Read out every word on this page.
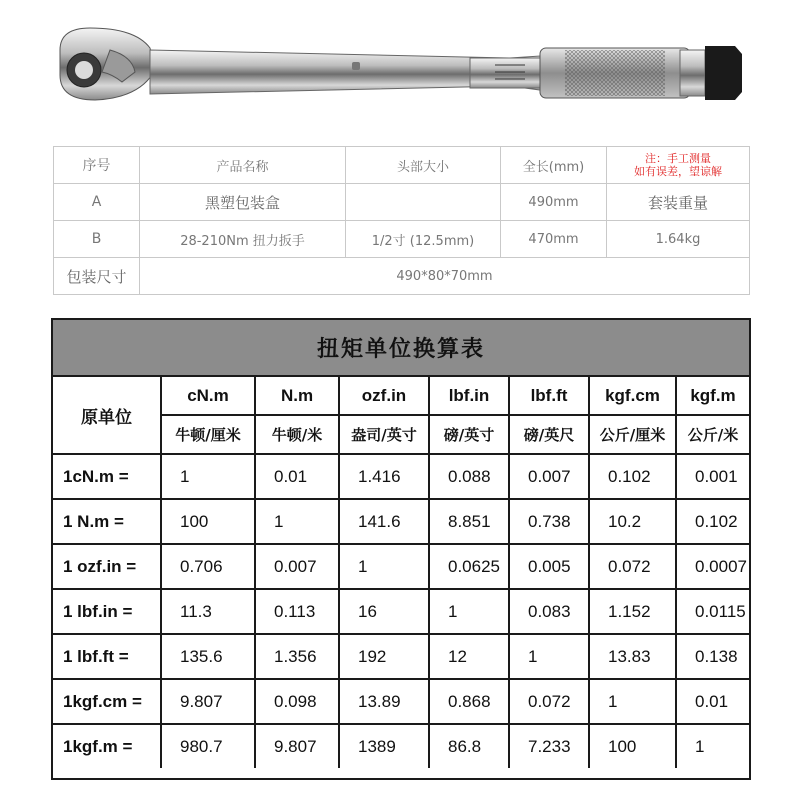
序号	产品名称	头部大小	全长(mm)	注：手工测量
如有误差，望谅解
A	黑塑包装盒		490mm	套装重量
B	28-210Nm 扭力扳手	1/2寸 (12.5mm)	470mm	1.64kg
包装尺寸	490*80*70mm			
扭矩单位换算表
原单位	cN.m	N.m	ozf.in	lbf.in	lbf.ft	kgf.cm	kgf.m
	牛顿/厘米	牛顿/米	盎司/英寸	磅/英寸	磅/英尺	公斤/厘米	公斤/米
1cN.m =	1	0.01	1.416	0.088	0.007	0.102	0.001
1 N.m =	100	1	141.6	8.851	0.738	10.2	0.102
1 ozf.in =	0.706	0.007	1	0.0625	0.005	0.072	0.0007
1 lbf.in =	11.3	0.113	16	1	0.083	1.152	0.0115
1 lbf.ft =	135.6	1.356	192	12	1	13.83	0.138
1kgf.cm =	9.807	0.098	13.89	0.868	0.072	1	0.01
1kgf.m =	980.7	9.807	1389	86.8	7.233	100	1
